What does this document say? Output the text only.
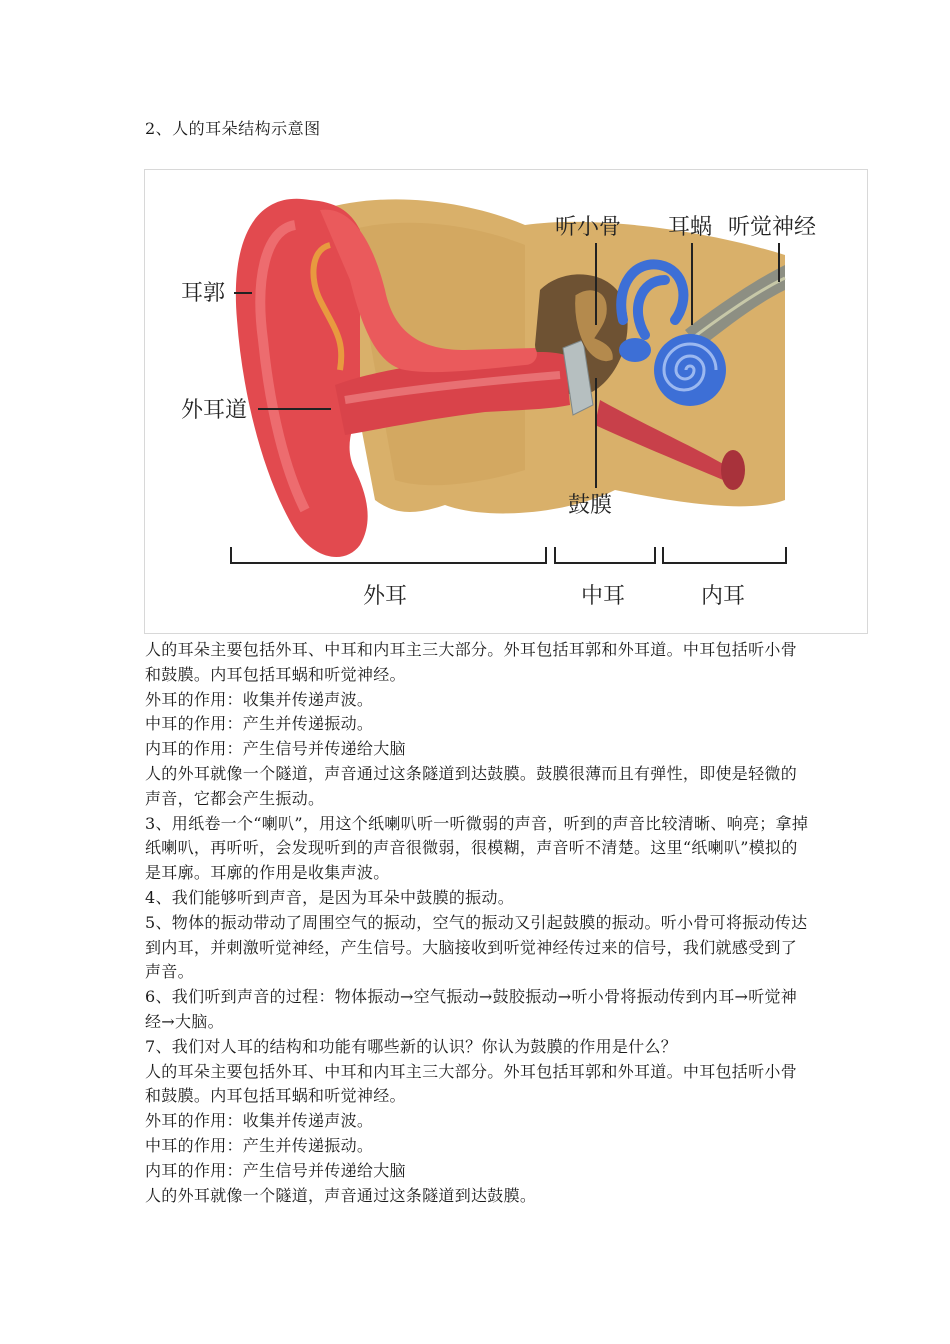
2、人的耳朵结构示意图
耳郭
外耳道
听小骨 耳蜗 听觉神经
鼓膜
外耳	中耳	内耳

人的耳朵主要包括外耳、中耳和内耳主三大部分。外耳包括耳郭和外耳道。中耳包括听小骨和鼓膜。内耳包括耳蜗和听觉神经。

外耳的作用：收集并传递声波。

中耳的作用：产生并传递振动。

内耳的作用：产生信号并传递给大脑

人的外耳就像一个隧道，声音通过这条隧道到达鼓膜。鼓膜很薄而且有弹性，即使是轻微的声音，它都会产生振动。

3、用纸卷一个“喇叭”，用这个纸喇叭听一听微弱的声音，听到的声音比较清晰、响亮；拿掉纸喇叭，再听听，会发现听到的声音很微弱，很模糊，声音听不清楚。这里“纸喇叭”模拟的是耳廓。耳廓的作用是收集声波。

4、我们能够听到声音，是因为耳朵中鼓膜的振动。

5、物体的振动带动了周围空气的振动，空气的振动又引起鼓膜的振动。听小骨可将振动传达到内耳，并刺激听觉神经，产生信号。大脑接收到听觉神经传过来的信号，我们就感受到了声音。

6、我们听到声音的过程：物体振动→空气振动→鼓胶振动→听小骨将振动传到内耳→听觉神经→大脑。

7、我们对人耳的结构和功能有哪些新的认识？你认为鼓膜的作用是什么？

人的耳朵主要包括外耳、中耳和内耳主三大部分。外耳包括耳郭和外耳道。中耳包括听小骨和鼓膜。内耳包括耳蜗和听觉神经。

外耳的作用：收集并传递声波。

中耳的作用：产生并传递振动。

内耳的作用：产生信号并传递给大脑

人的外耳就像一个隧道，声音通过这条隧道到达鼓膜。
